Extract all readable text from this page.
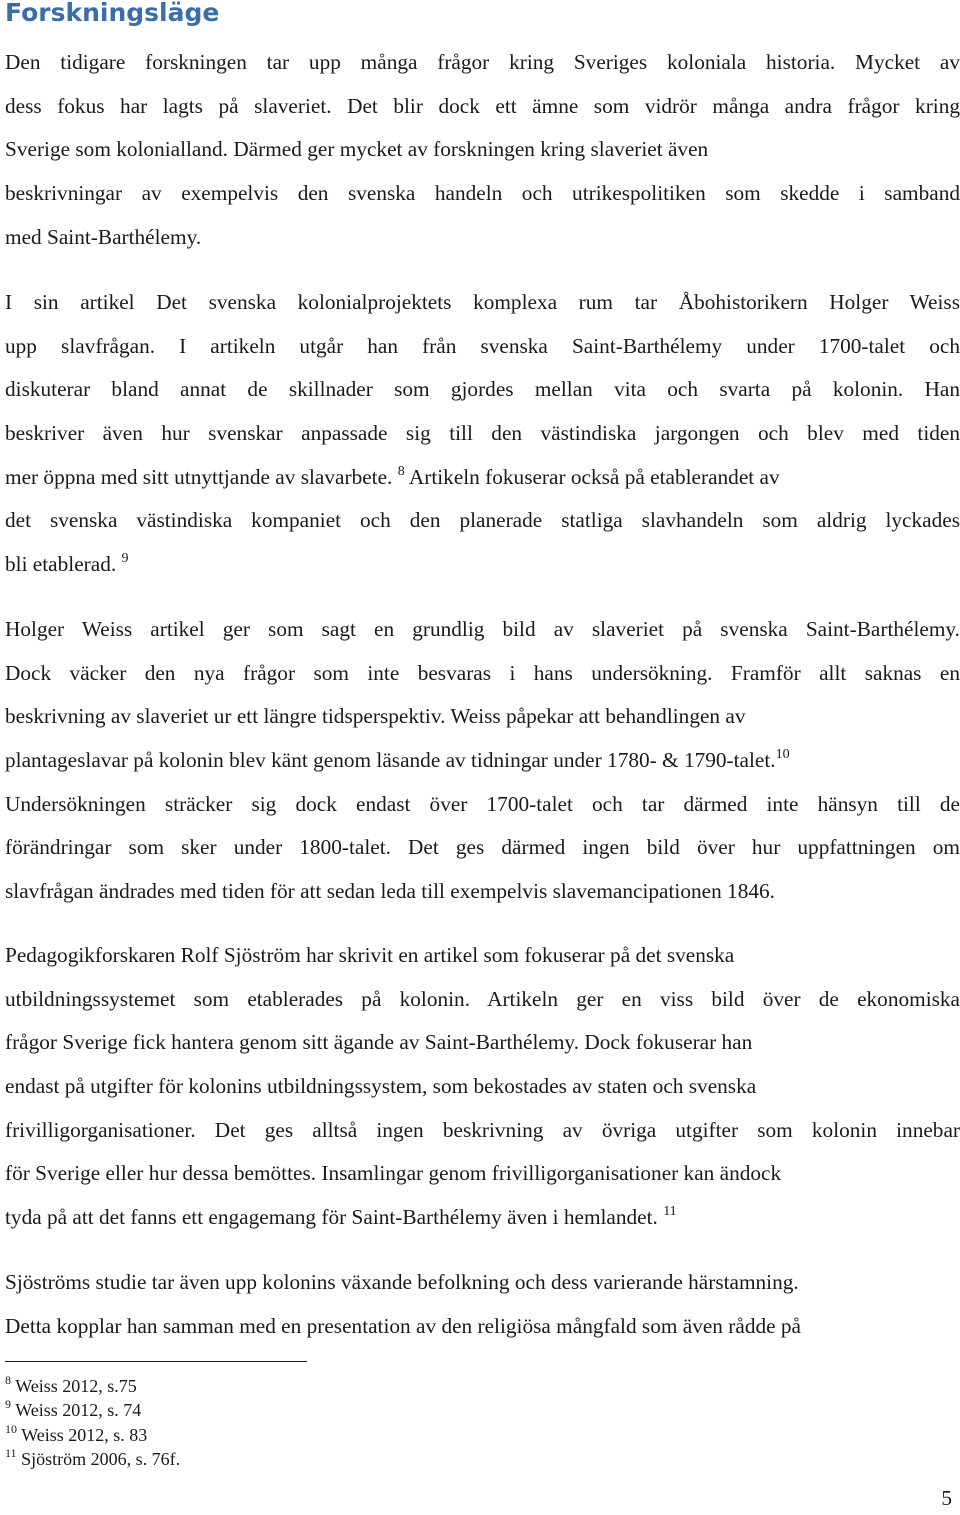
Forskningsläge
Den tidigare forskningen tar upp många frågor kring Sveriges koloniala historia. Mycket av
dess fokus har lagts på slaveriet. Det blir dock ett ämne som vidrör många andra frågor kring
Sverige som kolonialland. Därmed ger mycket av forskningen kring slaveriet även
beskrivningar av exempelvis den svenska handeln och utrikespolitiken som skedde i samband
med Saint-Barthélemy.
I sin artikel Det svenska kolonialprojektets komplexa rum tar Åbohistorikern Holger Weiss
upp slavfrågan. I artikeln utgår han från svenska Saint-Barthélemy under 1700-talet och
diskuterar bland annat de skillnader som gjordes mellan vita och svarta på kolonin. Han
beskriver även hur svenskar anpassade sig till den västindiska jargongen och blev med tiden
mer öppna med sitt utnyttjande av slavarbete. $^8$ Artikeln fokuserar också på etablerandet av
det svenska västindiska kompaniet och den planerade statliga slavhandeln som aldrig lyckades
bli etablerad. $^9$
Holger Weiss artikel ger som sagt en grundlig bild av slaveriet på svenska Saint-Barthélemy.
Dock väcker den nya frågor som inte besvaras i hans undersökning. Framför allt saknas en
beskrivning av slaveriet ur ett längre tidsperspektiv. Weiss påpekar att behandlingen av
plantageslavar på kolonin blev känt genom läsande av tidningar under 1780- & 1790-talet.$^{10}$
Undersökningen sträcker sig dock endast över 1700-talet och tar därmed inte hänsyn till de
förändringar som sker under 1800-talet. Det ges därmed ingen bild över hur uppfattningen om
slavfrågan ändrades med tiden för att sedan leda till exempelvis slavemancipationen 1846.
Pedagogikforskaren Rolf Sjöström har skrivit en artikel som fokuserar på det svenska
utbildningssystemet som etablerades på kolonin. Artikeln ger en viss bild över de ekonomiska
frågor Sverige fick hantera genom sitt ägande av Saint-Barthélemy. Dock fokuserar han
endast på utgifter för kolonins utbildningssystem, som bekostades av staten och svenska
frivilligorganisationer. Det ges alltså ingen beskrivning av övriga utgifter som kolonin innebar
för Sverige eller hur dessa bemöttes. Insamlingar genom frivilligorganisationer kan ändock
tyda på att det fanns ett engagemang för Saint-Barthélemy även i hemlandet. $^{11}$
Sjöströms studie tar även upp kolonins växande befolkning och dess varierande härstamning.
Detta kopplar han samman med en presentation av den religiösa mångfald som även rådde på
$^8$ Weiss 2012, s.75
$^9$ Weiss 2012, s. 74
$^{10}$ Weiss 2012, s. 83
$^{11}$ Sjöström 2006, s. 76f.
5
